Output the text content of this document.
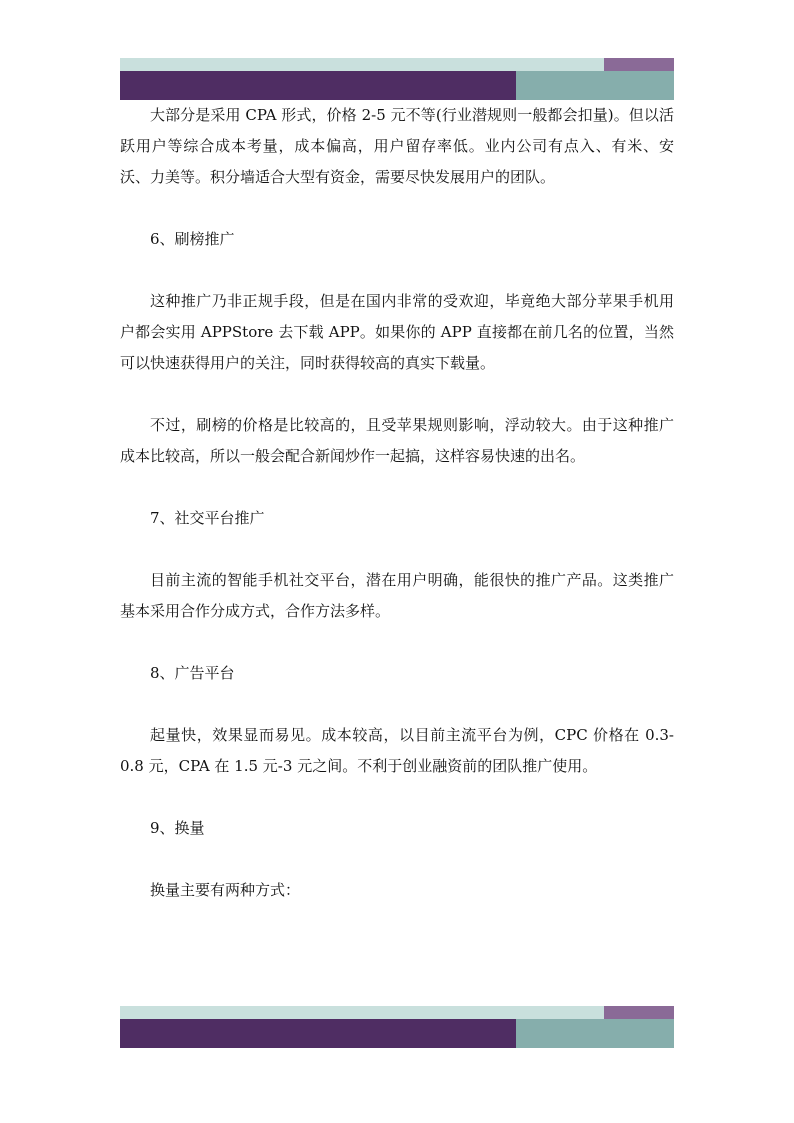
大部分是采用 CPA 形式，价格 2-5 元不等(行业潜规则一般都会扣量)。但以活跃用户等综合成本考量，成本偏高，用户留存率低。业内公司有点入、有米、安沃、力美等。积分墙适合大型有资金，需要尽快发展用户的团队。

6、刷榜推广

这种推广乃非正规手段，但是在国内非常的受欢迎，毕竟绝大部分苹果手机用户都会实用 APPStore 去下载 APP。如果你的 APP 直接都在前几名的位置，当然可以快速获得用户的关注，同时获得较高的真实下载量。

不过，刷榜的价格是比较高的，且受苹果规则影响，浮动较大。由于这种推广成本比较高，所以一般会配合新闻炒作一起搞，这样容易快速的出名。

7、社交平台推广

目前主流的智能手机社交平台，潜在用户明确，能很快的推广产品。这类推广基本采用合作分成方式，合作方法多样。

8、广告平台

起量快，效果显而易见。成本较高，以目前主流平台为例，CPC 价格在 0.3-0.8 元，CPA 在 1.5 元-3 元之间。不利于创业融资前的团队推广使用。

9、换量

换量主要有两种方式：
